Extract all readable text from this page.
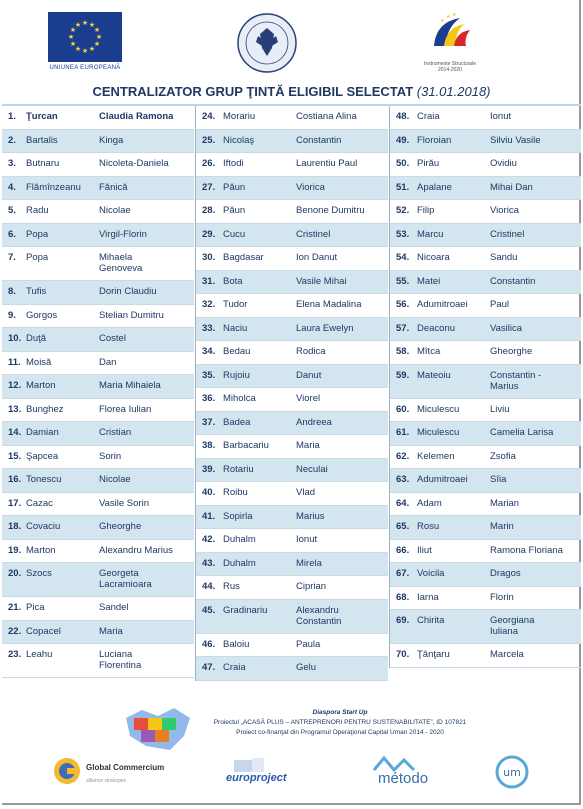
★ ★
★
★
★
★
★
★
★
★
★
★
UNIUNEA EUROPEANĂ
★
★ ★
Instrumente Structurale
2014-2020
CENTRALIZATOR GRUP ŢINTĂ ELIGIBIL SELECTAT (31.01.2018)
1. Ţurcan	Claudia Ramona
2. Bartalis	Kinga
3. Butnaru	Nicoleta-Daniela
4. Flămînzeanu Fănică
5. Radu	Nicolae
6. Popa	Virgil-Florin
7. Popa	Mihaela
Genoveva
8. Tufis	Dorin Claudiu
9. Gorgos	Stelian Dumitru
10. Duţă	Costel
11. Moisă	Dan
12. Marton	Maria Mihaiela
13. Bunghez	Florea Iulian
14. Damian	Cristian
15. Şapcea	Sorin
16. Tonescu	Nicolae
17. Cazac	Vasile Sorin
18. Covaciu	Gheorghe
19. Marton	Alexandru Marius
20. Szocs	Georgeta
Lacramioara
21. Pica	Sandel
22. Copacel	Maria
23. Leahu	Luciana
Florentina
24. Morariu	Costiana Alina
25. Nicolaş	Constantin
26. Iftodi	Laurentiu Paul
27. Păun	Viorica
28. Păun	Benone Dumitru
29. Cucu	Cristinel
30. Bagdasar	Ion Danut
31. Bota	Vasile Mihai
32. Tudor	Elena Madalina
33. Naciu	Laura Ewelyn
34. Bedau	Rodica
35. Rujoiu	Danut
36. Miholca	Viorel
37. Badea	Andreea
38. Barbacariu	Maria
39. Rotariu	Neculai
40. Roibu	Vlad
41. Sopirla	Marius
42. Duhalm	Ionut
43. Duhalm	Mirela
44. Rus	Ciprian
45. Gradinariu	Alexandru
Constantin
46. Baloiu	Paula
47. Craia	Gelu
48. Craia	Ionut
49. Floroian	Silviu Vasile
50. Pirău	Ovidiu
51. Apalane	Mihai Dan
52. Filip	Viorica
53. Marcu	Cristinel
54. Nicoara	Sandu
55. Matei	Constantin
56. Adumitroaei Paul
57. Deaconu	Vasilica
58. Mîtca	Gheorghe
59. Mateoiu	Constantin -
Marius
60. Miculescu	Liviu
61. Miculescu	Camelia Larisa
62. Kelemen	Zsofia
63. Adumitroaei Sîia
64. Adam	Marian
65. Rosu	Marin
66. Iliut	Ramona Floriana
67. Voicila	Dragos
68. Iarna	Florin
69. Chirita	Georgiana
Iuliana
70. Ţânţaru	Marcela
Diaspora Start Up
Proiectul „ACASĂ PLUS – ANTREPRENORI PENTRU SUSTENABILITATE”, ID 107821
Proiect co-finanţat din Programul Operaţional Capital Uman 2014 - 2020
Global Commercium
alliance strategies	europroject	método	um
